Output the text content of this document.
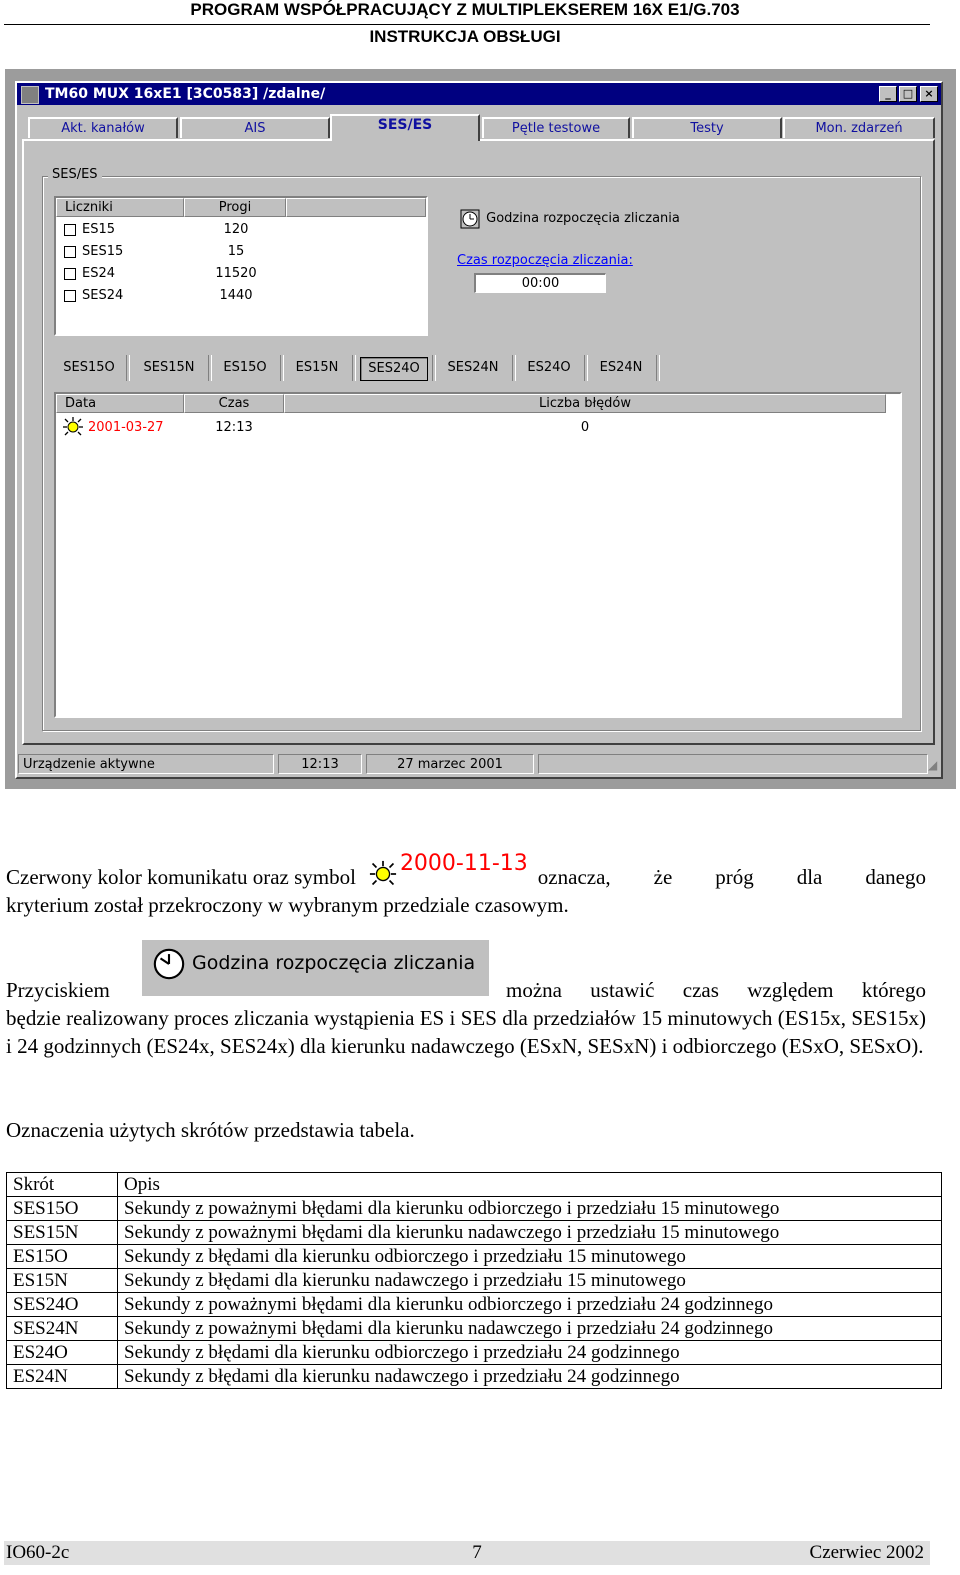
PROGRAM WSPÓŁPRACUJĄCY Z MULTIPLEKSEREM 16X E1/G.703
INSTRUKCJA OBSŁUGI
TM60 MUX 16xE1 [3C0583] /zdalne/	_	□	×
Akt. kanałów	AIS	SES/ES	Pętle testowe	Testy	Mon. zdarzeń
SES/ES
Liczniki	Progi
ES15	120
SES15	15
ES24	11520
SES24	1440
Godzina rozpoczęcia zliczania
Czas rozpoczęcia zliczania:
00:00
SES15O	SES15N	ES15O	ES15N	SES24O	SES24N	ES24O	ES24N
Data	Czas	Liczba błędów
2001-03-27	12:13	0
Urządzenie aktywne	12:13	27 marzec 2001	◢
Czerwony kolor komunikatu oraz symbol
2000-11-13
oznacza, że próg dla danego
kryterium został przekroczony w wybranym przedziale czasowym.
Godzina rozpoczęcia zliczania
Przyciskiem	można ustawić czas względem którego
będzie realizowany proces zliczania wystąpienia ES i SES dla przedziałów 15 minutowych (ES15x, SES15x) i 24 godzinnych (ES24x, SES24x) dla kierunku nadawczego (ESxN, SESxN) i odbiorczego (ESxO, SESxO).
Oznaczenia użytych skrótów przedstawia tabela.
Skrót	Opis
SES15O	Sekundy z poważnymi błędami dla kierunku odbiorczego i przedziału 15 minutowego
SES15N	Sekundy z poważnymi błędami dla kierunku nadawczego i przedziału 15 minutowego
ES15O	Sekundy z błędami dla kierunku odbiorczego i przedziału 15 minutowego
ES15N	Sekundy z błędami dla kierunku nadawczego i przedziału 15 minutowego
SES24O	Sekundy z poważnymi błędami dla kierunku odbiorczego i przedziału 24 godzinnego
SES24N	Sekundy z poważnymi błędami dla kierunku nadawczego i przedziału 24 godzinnego
ES24O	Sekundy z błędami dla kierunku odbiorczego i przedziału 24 godzinnego
ES24N	Sekundy z błędami dla kierunku nadawczego i przedziału 24 godzinnego
IO60-2c	7	Czerwiec 2002
